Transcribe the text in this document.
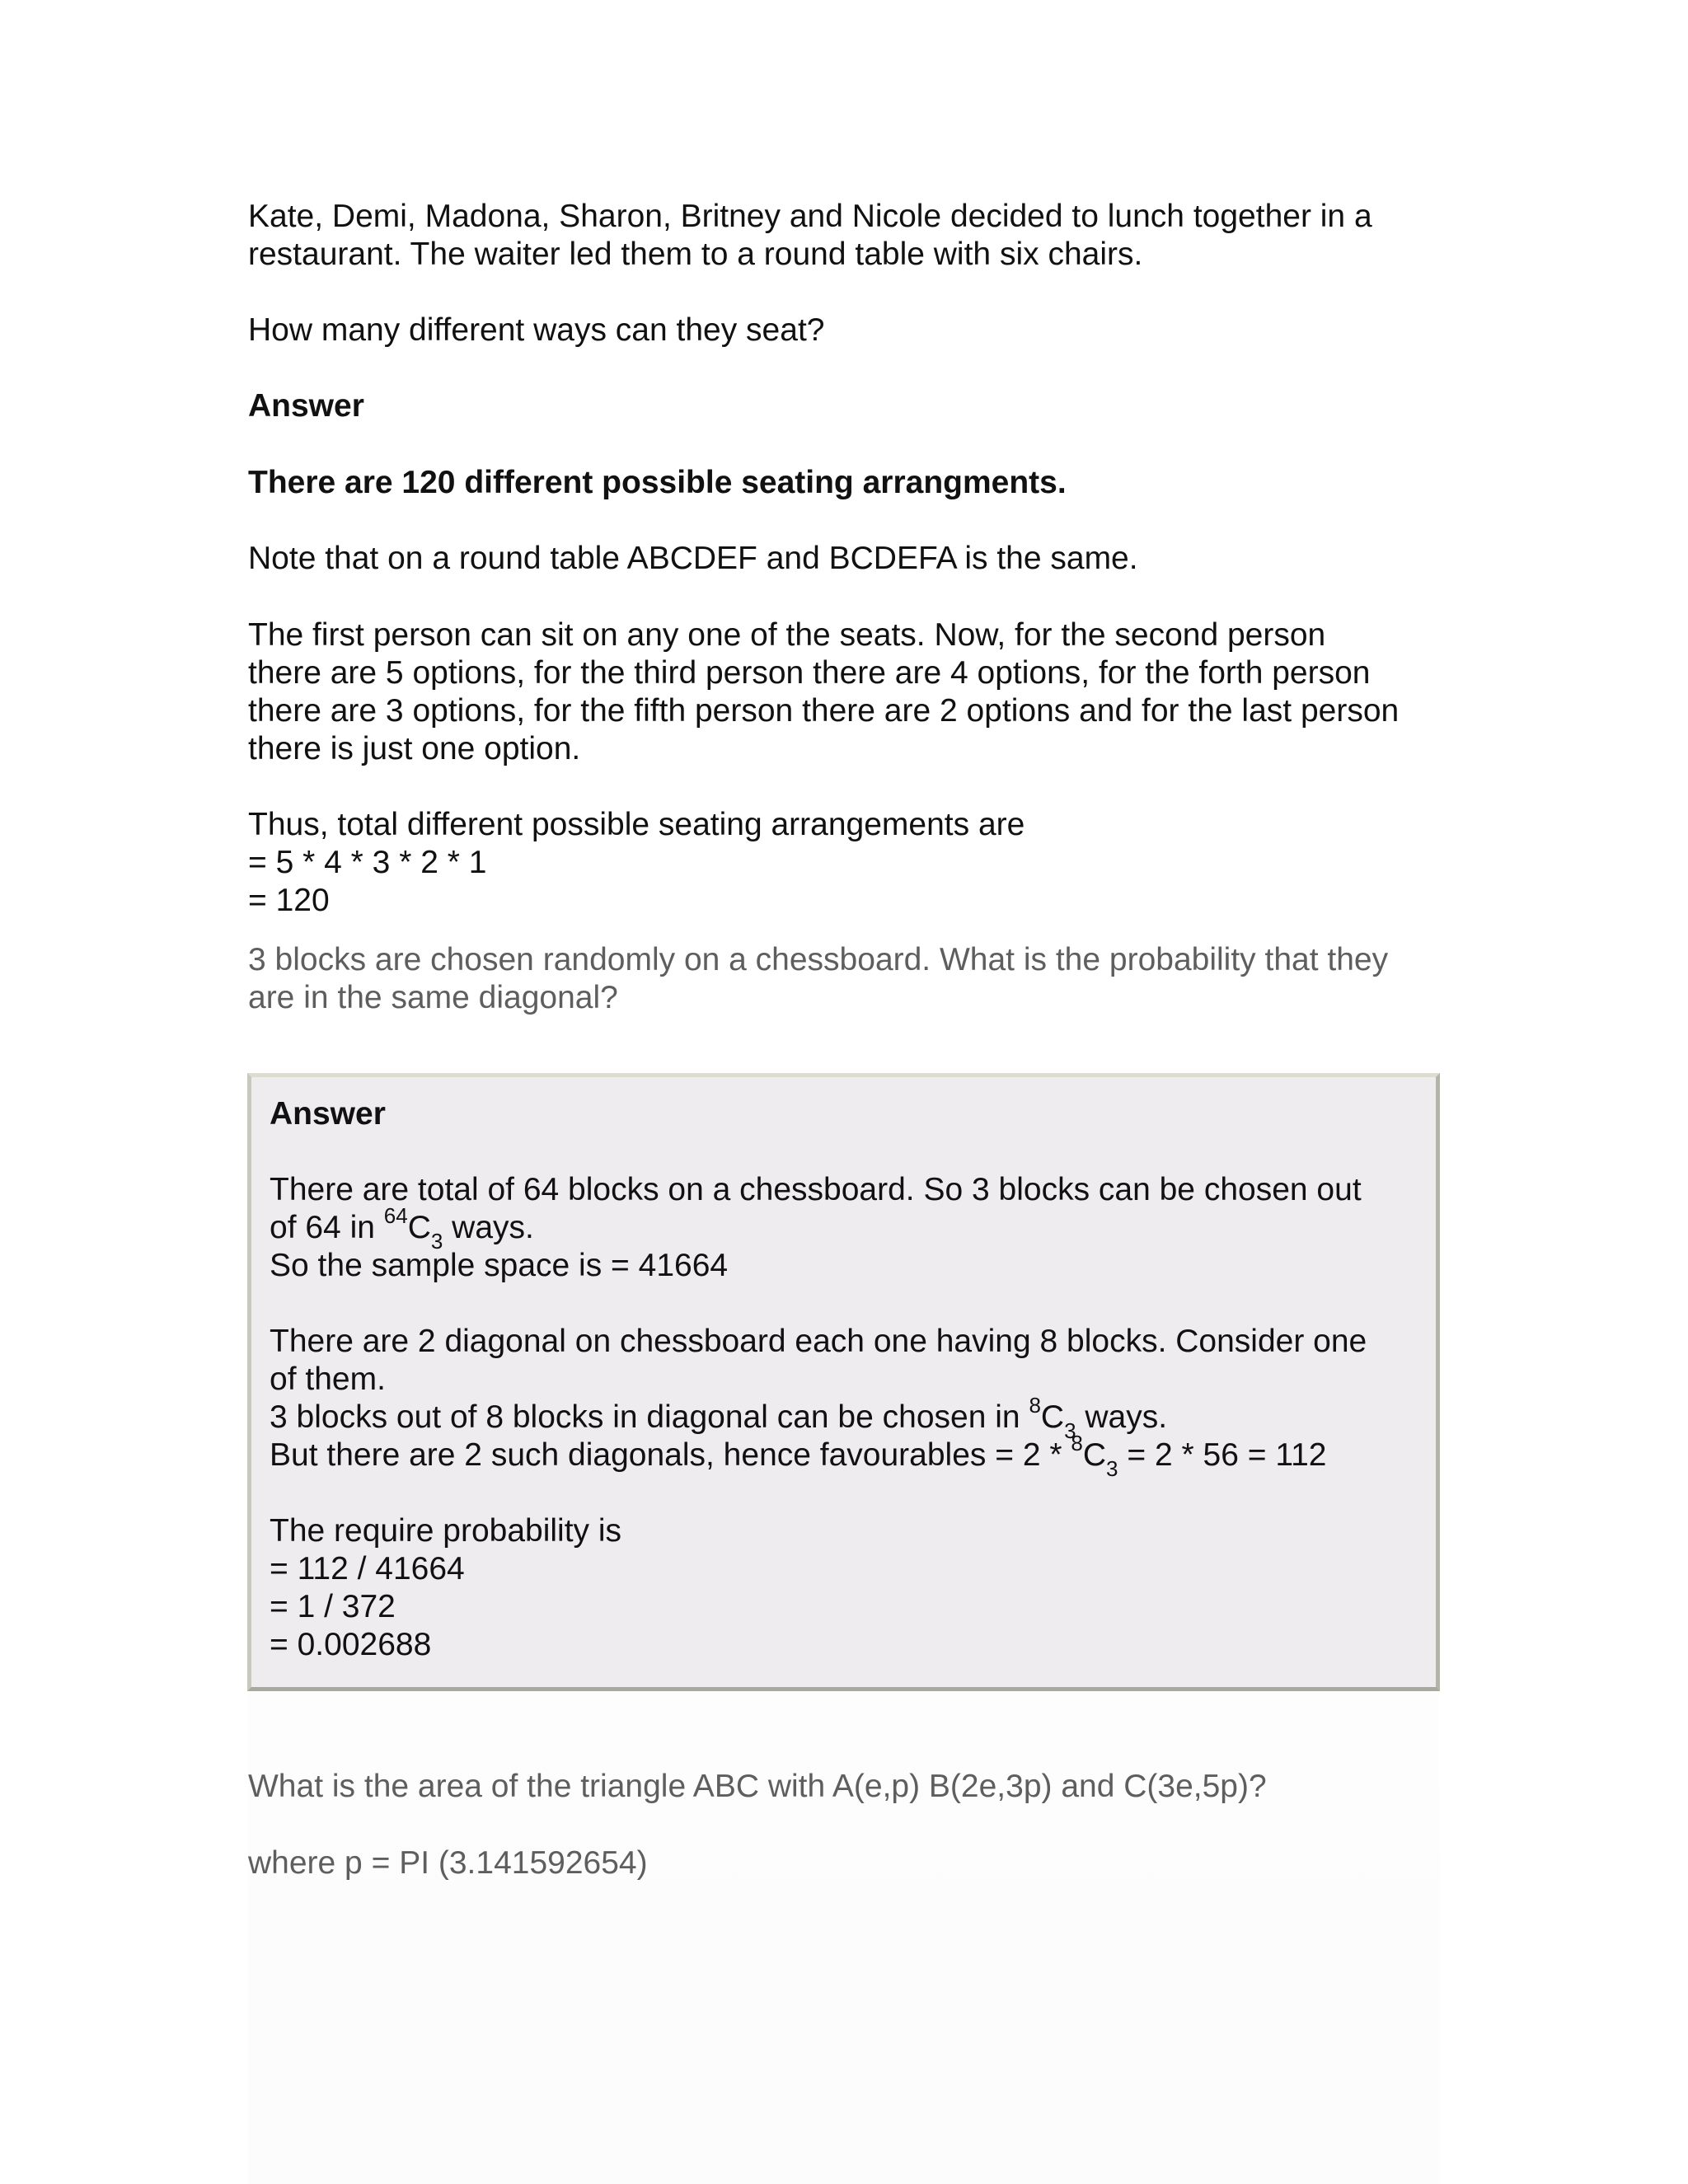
Kate, Demi, Madona, Sharon, Britney and Nicole decided to lunch together in a
restaurant. The waiter led them to a round table with six chairs.
How many different ways can they seat?
Answer
There are 120 different possible seating arrangments.
Note that on a round table ABCDEF and BCDEFA is the same.
The first person can sit on any one of the seats. Now, for the second person
there are 5 options, for the third person there are 4 options, for the forth person
there are 3 options, for the fifth person there are 2 options and for the last person
there is just one option.
Thus, total different possible seating arrangements are
= 5 * 4 * 3 * 2 * 1
= 120
3 blocks are chosen randomly on a chessboard. What is the probability that they
are in the same diagonal?
Answer
There are total of 64 blocks on a chessboard. So 3 blocks can be chosen out
of 64 in $^{64}C_3$ ways.
So the sample space is = 41664
There are 2 diagonal on chessboard each one having 8 blocks. Consider one
of them.
3 blocks out of 8 blocks in diagonal can be chosen in $^8C_3$ ways.
But there are 2 such diagonals, hence favourables = $2 * ^8C_3 = 2 * 56 = 112$
The require probability is
= 112 / 41664
= 1 / 372
= 0.002688
What is the area of the triangle ABC with A(e,p) B(2e,3p) and C(3e,5p)?
where p = PI (3.141592654)
